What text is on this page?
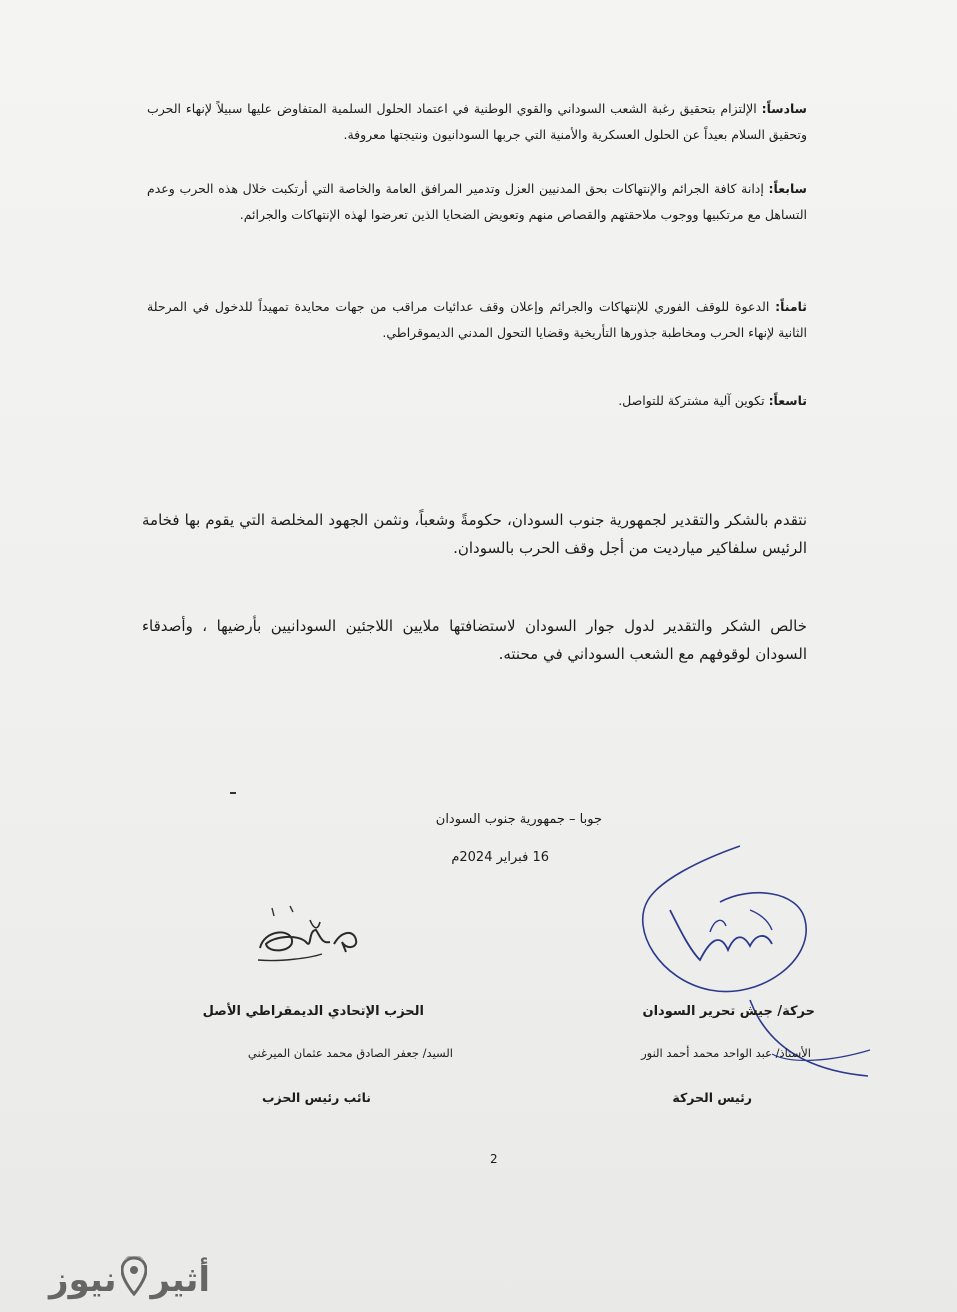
سادساً: الإلتزام بتحقيق رغبة الشعب السوداني والقوي الوطنية في اعتماد الحلول السلمية المتفاوض عليها سبيلاً لإنهاء الحرب وتحقيق السلام بعيداً عن الحلول العسكرية والأمنية التي جربها السودانيون ونتيجتها معروفة.
سابعاً: إدانة كافة الجرائم والإنتهاكات بحق المدنيين العزل وتدمير المرافق العامة والخاصة التي أرتكبت خلال هذه الحرب وعدم التساهل مع مرتكبيها ووجوب ملاحقتهم والقصاص منهم وتعويض الضحايا الذين تعرضوا لهذه الإنتهاكات والجرائم.
ثامناً: الدعوة للوقف الفوري للإنتهاكات والجرائم وإعلان وقف عدائيات مراقب من جهات محايدة تمهيداً للدخول في المرحلة الثانية لإنهاء الحرب ومخاطبة جذورها التأريخية وقضايا التحول المدني الديموقراطي.
تاسعاً: تكوين آلية مشتركة للتواصل.
نتقدم بالشكر والتقدير لجمهورية جنوب السودان، حكومةً وشعباً، ونثمن الجهود المخلصة التي يقوم بها فخامة الرئيس سلفاكير ميارديت من أجل وقف الحرب بالسودان.
خالص الشكر والتقدير لدول جوار السودان لاستضافتها ملايين اللاجئين السودانيين بأرضيها ، وأصدقاء السودان لوقوفهم مع الشعب السوداني في محنته.
جوبا – جمهورية جنوب السودان
16 فبراير 2024م
حركة/ جيش تحرير السودان
الأستاذ/ عبد الواحد محمد أحمد النور
رئيس الحركة
الحزب الإتحادي الديمقراطي الأصل
السيد/ جعفر الصادق محمد عثمان الميرغني
نائب رئيس الحزب
2
أثير
نيوز
